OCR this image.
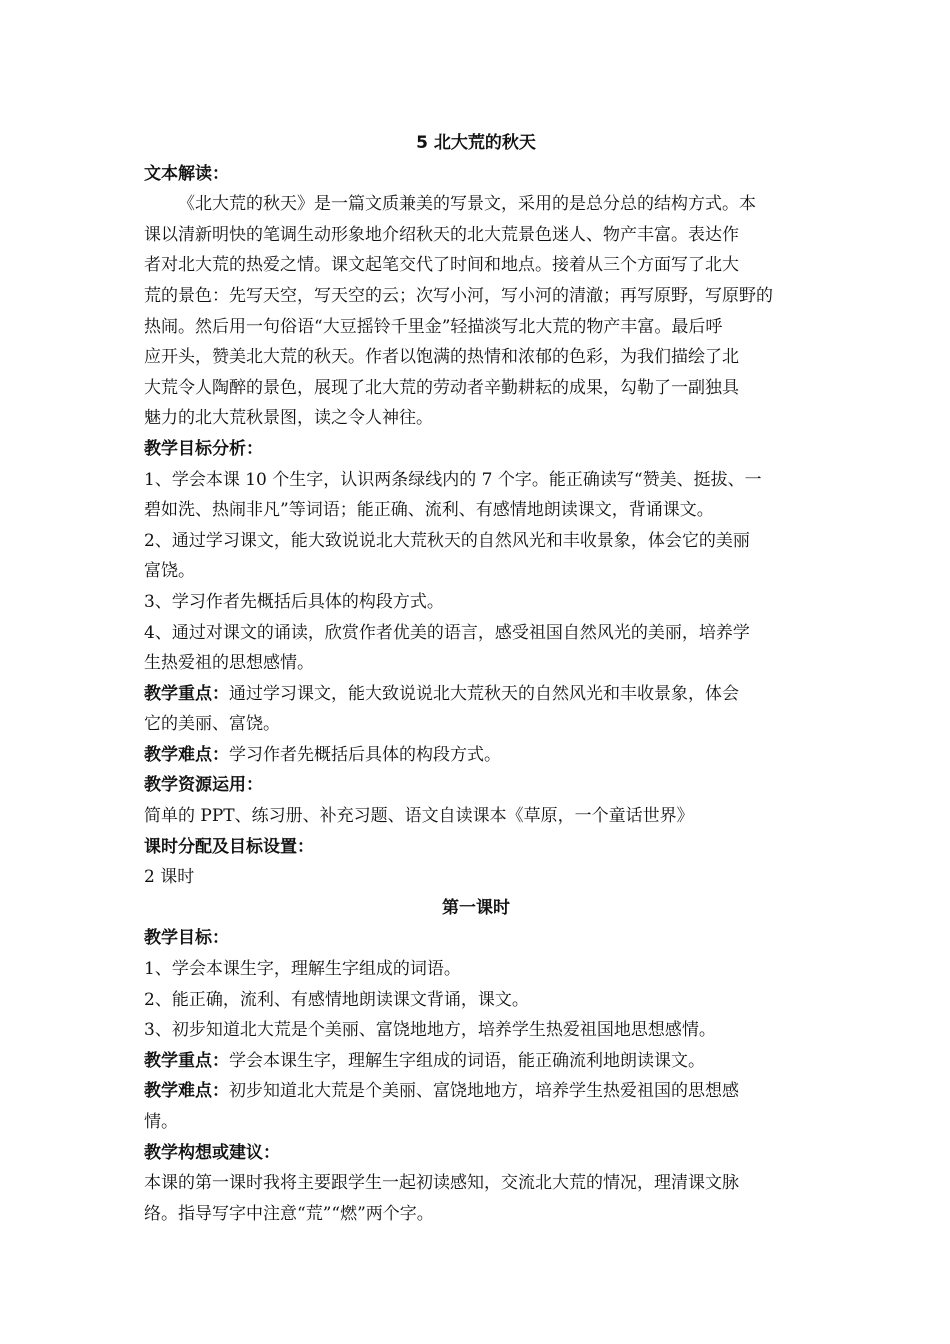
5 北大荒的秋天
文本解读：
《北大荒的秋天》是一篇文质兼美的写景文，采用的是总分总的结构方式。本
课以清新明快的笔调生动形象地介绍秋天的北大荒景色迷人、物产丰富。表达作
者对北大荒的热爱之情。课文起笔交代了时间和地点。接着从三个方面写了北大
荒的景色：先写天空，写天空的云；次写小河，写小河的清澈；再写原野，写原野的
热闹。然后用一句俗语“大豆摇铃千里金”轻描淡写北大荒的物产丰富。最后呼
应开头，赞美北大荒的秋天。作者以饱满的热情和浓郁的色彩，为我们描绘了北
大荒令人陶醉的景色，展现了北大荒的劳动者辛勤耕耘的成果，勾勒了一副独具
魅力的北大荒秋景图，读之令人神往。
教学目标分析：
1、学会本课 10 个生字，认识两条绿线内的 7 个字。能正确读写“赞美、挺拔、一
碧如洗、热闹非凡”等词语；能正确、流利、有感情地朗读课文，背诵课文。
2、通过学习课文，能大致说说北大荒秋天的自然风光和丰收景象，体会它的美丽
富饶。
3、学习作者先概括后具体的构段方式。
4、通过对课文的诵读，欣赏作者优美的语言，感受祖国自然风光的美丽，培养学
生热爱祖的思想感情。
教学重点：通过学习课文，能大致说说北大荒秋天的自然风光和丰收景象，体会
它的美丽、富饶。
教学难点：学习作者先概括后具体的构段方式。
教学资源运用：
简单的 PPT、练习册、补充习题、语文自读课本《草原，一个童话世界》
课时分配及目标设置：
2 课时
第一课时
教学目标：
1、学会本课生字，理解生字组成的词语。
2、能正确，流利、有感情地朗读课文背诵，课文。
3、初步知道北大荒是个美丽、富饶地地方，培养学生热爱祖国地思想感情。
教学重点：学会本课生字，理解生字组成的词语，能正确流利地朗读课文。
教学难点：初步知道北大荒是个美丽、富饶地地方，培养学生热爱祖国的思想感
情。
教学构想或建议：
本课的第一课时我将主要跟学生一起初读感知，交流北大荒的情况，理清课文脉
络。指导写字中注意“荒”“燃”两个字。
